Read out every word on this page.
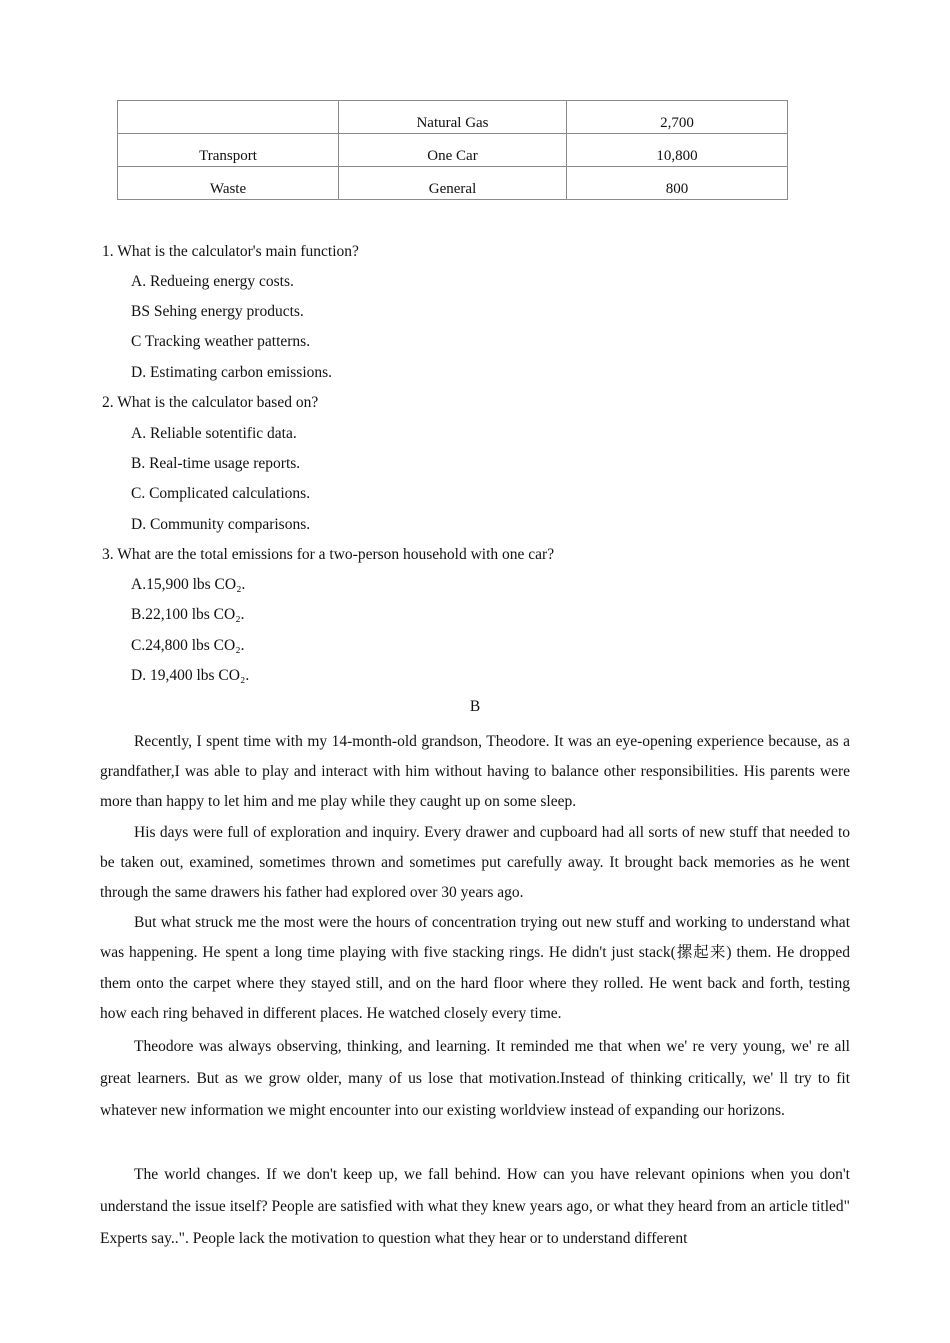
	Natural Gas	2,700
Transport	One Car	10,800
Waste	General	800
1. What is the calculator's main function?
A. Redueing energy costs.
BS Sehing energy products.
C Tracking weather patterns.
D. Estimating carbon emissions.
2. What is the calculator based on?
A. Reliable sotentific data.
B. Real-time usage reports.
C. Complicated calculations.
D. Community comparisons.
3. What are the total emissions for a two-person household with one car?
A.15,900 lbs CO₂.
B.22,100 lbs CO₂.
C.24,800 lbs CO₂.
D. 19,400 lbs CO₂.
B

Recently, I spent time with my 14-month-old grandson, Theodore. It was an eye-opening experience because, as a grandfather,I was able to play and interact with him without having to balance other responsibilities. His parents were more than happy to let him and me play while they caught up on some sleep.

His days were full of exploration and inquiry. Every drawer and cupboard had all sorts of new stuff that needed to be taken out, examined, sometimes thrown and sometimes put carefully away. It brought back memories as he went through the same drawers his father had explored over 30 years ago.

But what struck me the most were the hours of concentration trying out new stuff and working to understand what was happening. He spent a long time playing with five stacking rings. He didn't just stack(摞起来) them. He dropped them onto the carpet where they stayed still, and on the hard floor where they rolled. He went back and forth, testing how each ring behaved in different places. He watched closely every time.

Theodore was always observing, thinking, and learning. It reminded me that when we' re very young, we' re all great learners. But as we grow older, many of us lose that motivation.Instead of thinking critically, we' ll try to fit whatever new information we might encounter into our existing worldview instead of expanding our horizons.

The world changes. If we don't keep up, we fall behind. How can you have relevant opinions when you don't understand the issue itself? People are satisfied with what they knew years ago, or what they heard from an article titled" Experts say..". People lack the motivation to question what they hear or to understand different
